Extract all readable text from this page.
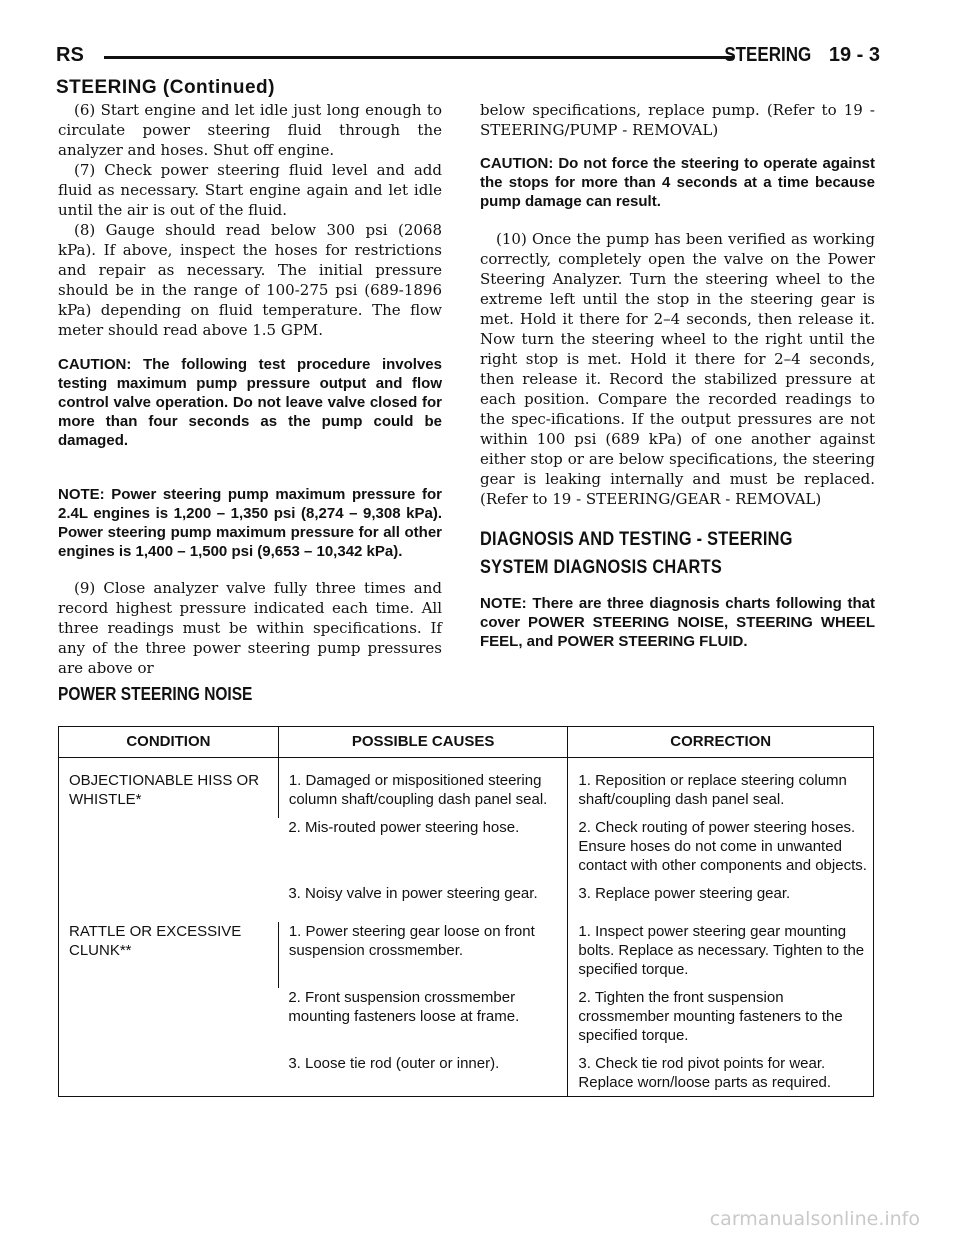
RS	STEERING 19 - 3
STEERING (Continued)

(6) Start engine and let idle just long enough to circulate power steering fluid through the analyzer and hoses. Shut off engine.

(7) Check power steering fluid level and add fluid as necessary. Start engine again and let idle until the air is out of the fluid.

(8) Gauge should read below 300 psi (2068 kPa). If above, inspect the hoses for restrictions and repair as necessary. The initial pressure should be in the range of 100-275 psi (689-1896 kPa) depending on fluid temperature. The flow meter should read above 1.5 GPM.

CAUTION: The following test procedure involves testing maximum pump pressure output and flow control valve operation. Do not leave valve closed for more than four seconds as the pump could be damaged.

NOTE: Power steering pump maximum pressure for 2.4L engines is 1,200 – 1,350 psi (8,274 – 9,308 kPa). Power steering pump maximum pressure for all other engines is 1,400 – 1,500 psi (9,653 – 10,342 kPa).

(9) Close analyzer valve fully three times and record highest pressure indicated each time. All three readings must be within specifications. If any of the three power steering pump pressures are above or

below specifications, replace pump. (Refer to 19 - STEERING/PUMP - REMOVAL)

CAUTION: Do not force the steering to operate against the stops for more than 4 seconds at a time because pump damage can result.

(10) Once the pump has been verified as working correctly, completely open the valve on the Power Steering Analyzer. Turn the steering wheel to the extreme left until the stop in the steering gear is met. Hold it there for 2–4 seconds, then release it. Now turn the steering wheel to the right until the right stop is met. Hold it there for 2–4 seconds, then release it. Record the stabilized pressure at each position. Compare the recorded readings to the spec-ifications. If the output pressures are not within 100 psi (689 kPa) of one another against either stop or are below specifications, the steering gear is leaking internally and must be replaced. (Refer to 19 - STEERING/GEAR - REMOVAL)

DIAGNOSIS AND TESTING - STEERING

SYSTEM DIAGNOSIS CHARTS

NOTE: There are three diagnosis charts following that cover POWER STEERING NOISE, STEERING WHEEL FEEL, and POWER STEERING FLUID.

POWER STEERING NOISE
CONDITION	POSSIBLE CAUSES	CORRECTION

OBJECTIONABLE HISS OR WHISTLE*	1. Damaged or mispositioned steering column shaft/coupling dash panel seal.	1. Reposition or replace steering column shaft/coupling dash panel seal.

	2. Mis-routed power steering hose.	2. Check routing of power steering hoses. Ensure hoses do not come in unwanted contact with other components and objects.

	3. Noisy valve in power steering gear.	3. Replace power steering gear.

RATTLE OR EXCESSIVE CLUNK**	1. Power steering gear loose on front suspension crossmember.	1. Inspect power steering gear mounting bolts. Replace as necessary. Tighten to the specified torque.

	2. Front suspension crossmember mounting fasteners loose at frame.	2. Tighten the front suspension crossmember mounting fasteners to the specified torque.

	3. Loose tie rod (outer or inner).	3. Check tie rod pivot points for wear. Replace worn/loose parts as required.
carmanualsonline.info
